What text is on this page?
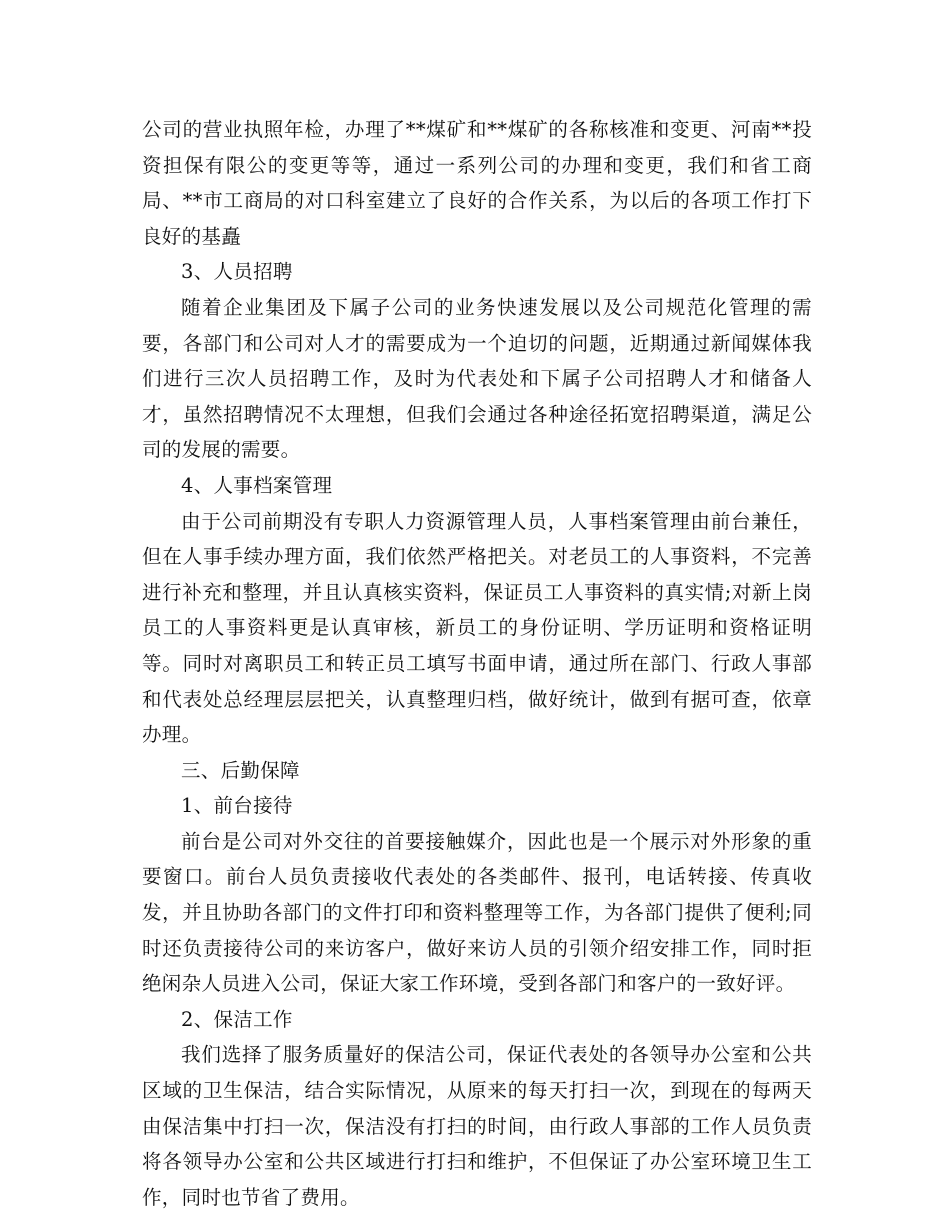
公司的营业执照年检，办理了**煤矿和**煤矿的各称核准和变更、河南**投资担保有限公的变更等等，通过一系列公司的办理和变更，我们和省工商局、**市工商局的对口科室建立了良好的合作关系，为以后的各项工作打下良好的基矗

3、人员招聘

随着企业集团及下属子公司的业务快速发展以及公司规范化管理的需要，各部门和公司对人才的需要成为一个迫切的问题，近期通过新闻媒体我们进行三次人员招聘工作，及时为代表处和下属子公司招聘人才和储备人才，虽然招聘情况不太理想，但我们会通过各种途径拓宽招聘渠道，满足公司的发展的需要。

4、人事档案管理

由于公司前期没有专职人力资源管理人员，人事档案管理由前台兼任，但在人事手续办理方面，我们依然严格把关。对老员工的人事资料，不完善进行补充和整理，并且认真核实资料，保证员工人事资料的真实情;对新上岗员工的人事资料更是认真审核，新员工的身份证明、学历证明和资格证明等。同时对离职员工和转正员工填写书面申请，通过所在部门、行政人事部和代表处总经理层层把关，认真整理归档，做好统计，做到有据可查，依章办理。

三、后勤保障

1、前台接待

前台是公司对外交往的首要接触媒介，因此也是一个展示对外形象的重要窗口。前台人员负责接收代表处的各类邮件、报刊，电话转接、传真收发，并且协助各部门的文件打印和资料整理等工作，为各部门提供了便利;同时还负责接待公司的来访客户，做好来访人员的引领介绍安排工作，同时拒绝闲杂人员进入公司，保证大家工作环境，受到各部门和客户的一致好评。

2、保洁工作

我们选择了服务质量好的保洁公司，保证代表处的各领导办公室和公共区域的卫生保洁，结合实际情况，从原来的每天打扫一次，到现在的每两天由保洁集中打扫一次，保洁没有打扫的时间，由行政人事部的工作人员负责将各领导办公室和公共区域进行打扫和维护，不但保证了办公室环境卫生工作，同时也节省了费用。
